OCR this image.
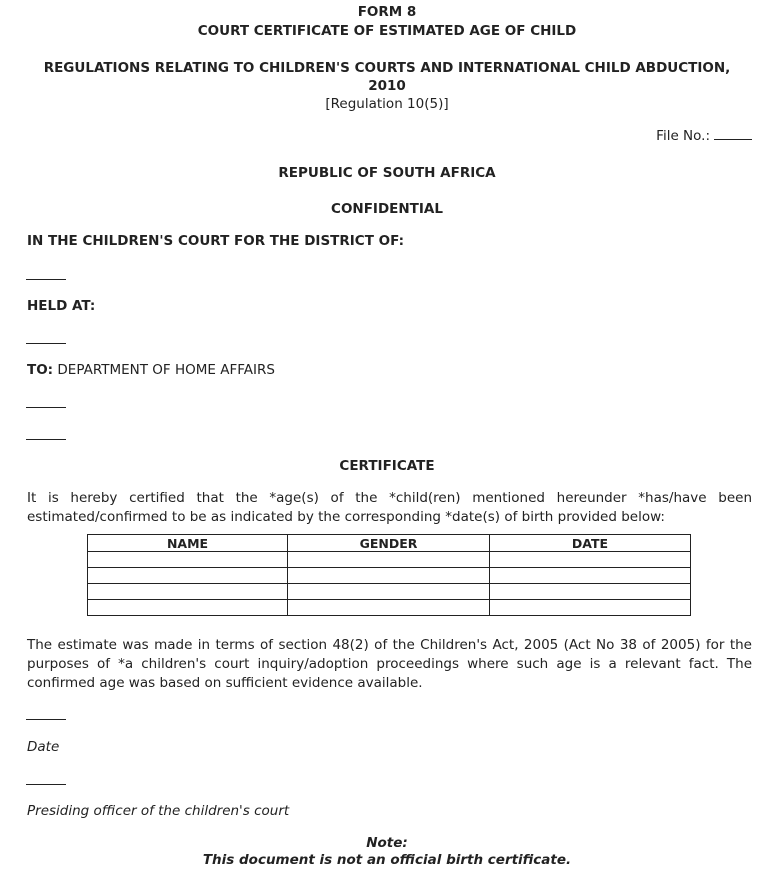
FORM 8
COURT CERTIFICATE OF ESTIMATED AGE OF CHILD
REGULATIONS RELATING TO CHILDREN'S COURTS AND INTERNATIONAL CHILD ABDUCTION,
2010
[Regulation 10(5)]
File No.:
REPUBLIC OF SOUTH AFRICA
CONFIDENTIAL
IN THE CHILDREN'S COURT FOR THE DISTRICT OF:
HELD AT:
TO: DEPARTMENT OF HOME AFFAIRS
CERTIFICATE

It is hereby certified that the *age(s) of the *child(ren) mentioned hereunder *has/have been estimated/confirmed to be as indicated by the corresponding *date(s) of birth provided below:

NAME	GENDER	DATE

The estimate was made in terms of section 48(2) of the Children's Act, 2005 (Act No 38 of 2005) for the purposes of *a children's court inquiry/adoption proceedings where such age is a relevant fact. The confirmed age was based on sufficient evidence available.

Date
Presiding officer of the children's court
Note:
This document is not an official birth certificate.
